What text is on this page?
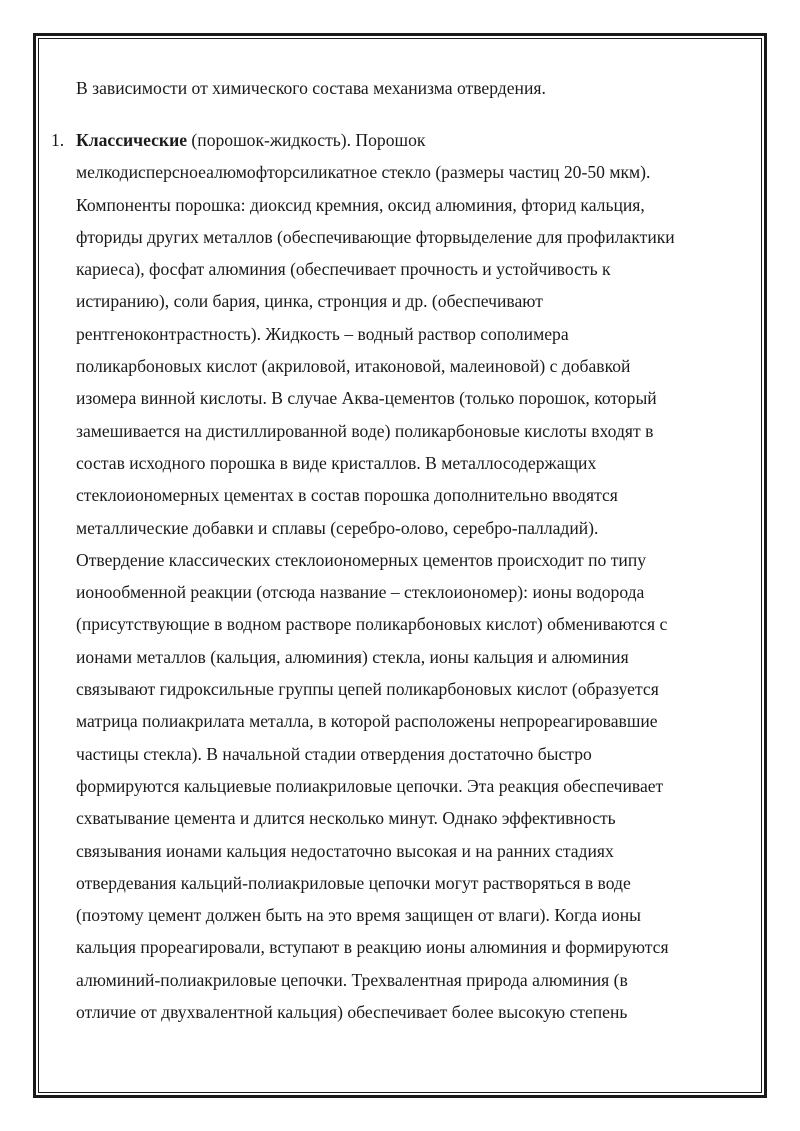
В зависимости от химического состава механизма отвердения.

1. Классические (порошок-жидкость). Порошок
мелкодисперсноеалюмофторсиликатное стекло (размеры частиц 20-50 мкм).
Компоненты порошка: диоксид кремния, оксид алюминия, фторид кальция,
фториды других металлов (обеспечивающие фторвыделение для профилактики
кариеса), фосфат алюминия (обеспечивает прочность и устойчивость к
истиранию), соли бария, цинка, стронция и др. (обеспечивают
рентгеноконтрастность). Жидкость – водный раствор сополимера
поликарбоновых кислот (акриловой, итаконовой, малеиновой) с добавкой
изомера винной кислоты. В случае Аква-цементов (только порошок, который
замешивается на дистиллированной воде) поликарбоновые кислоты входят в
состав исходного порошка в виде кристаллов. В металлосодержащих
стеклоиономерных цементах в состав порошка дополнительно вводятся
металлические добавки и сплавы (серебро-олово, серебро-палладий).
Отвердение классических стеклоиономерных цементов происходит по типу
ионообменной реакции (отсюда название – стеклоиономер): ионы водорода
(присутствующие в водном растворе поликарбоновых кислот) обмениваются с
ионами металлов (кальция, алюминия) стекла, ионы кальция и алюминия
связывают гидроксильные группы цепей поликарбоновых кислот (образуется
матрица полиакрилата металла, в которой расположены непрореагировавшие
частицы стекла). В начальной стадии отвердения достаточно быстро
формируются кальциевые полиакриловые цепочки. Эта реакция обеспечивает
схватывание цемента и длится несколько минут. Однако эффективность
связывания ионами кальция недостаточно высокая и на ранних стадиях
отвердевания кальций-полиакриловые цепочки могут растворяться в воде
(поэтому цемент должен быть на это время защищен от влаги). Когда ионы
кальция прореагировали, вступают в реакцию ионы алюминия и формируются
алюминий-полиакриловые цепочки. Трехвалентная природа алюминия (в
отличие от двухвалентной кальция) обеспечивает более высокую степень
